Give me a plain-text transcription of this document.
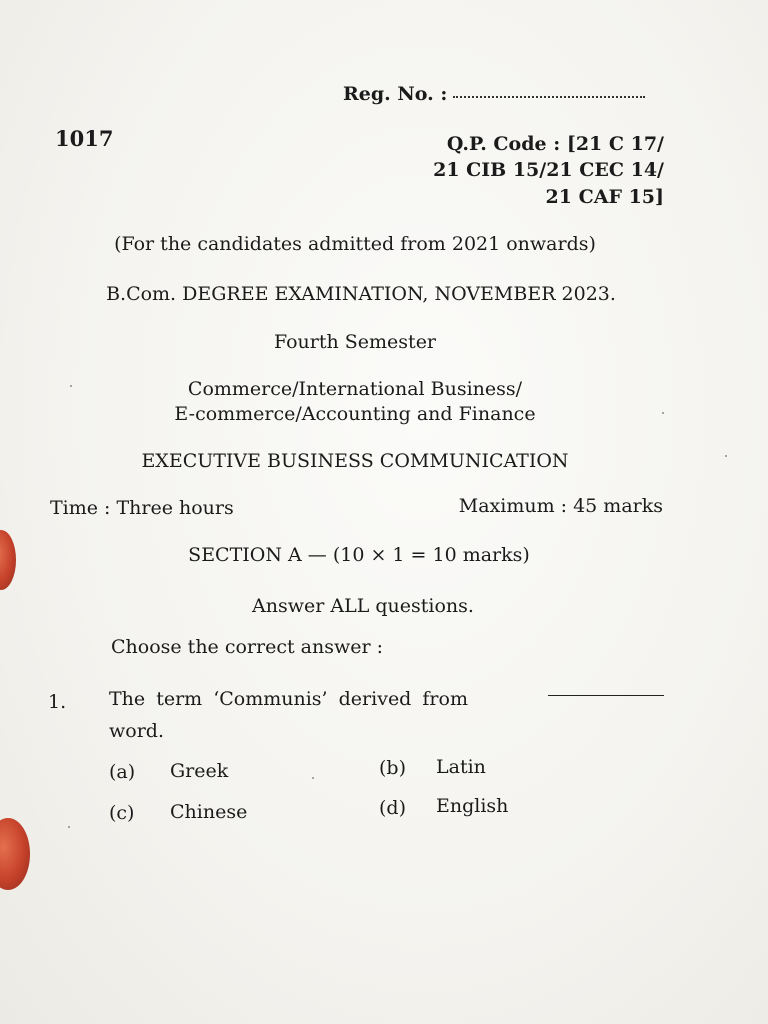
Reg. No. :
1017	Q.P. Code : [21 C 17/
21 CIB 15/21 CEC 14/
21 CAF 15]
(For the candidates admitted from 2021 onwards)
B.Com. DEGREE EXAMINATION, NOVEMBER 2023.
Fourth Semester
Commerce/International Business/
E-commerce/Accounting and Finance
EXECUTIVE BUSINESS COMMUNICATION
Time : Three hours	Maximum : 45 marks
SECTION A — (10 × 1 = 10 marks)
Answer ALL questions.
Choose the correct answer :
1. The term ‘Communis’ derived from
word.
(a) Greek	(b) Latin
(c) Chinese	(d) English
